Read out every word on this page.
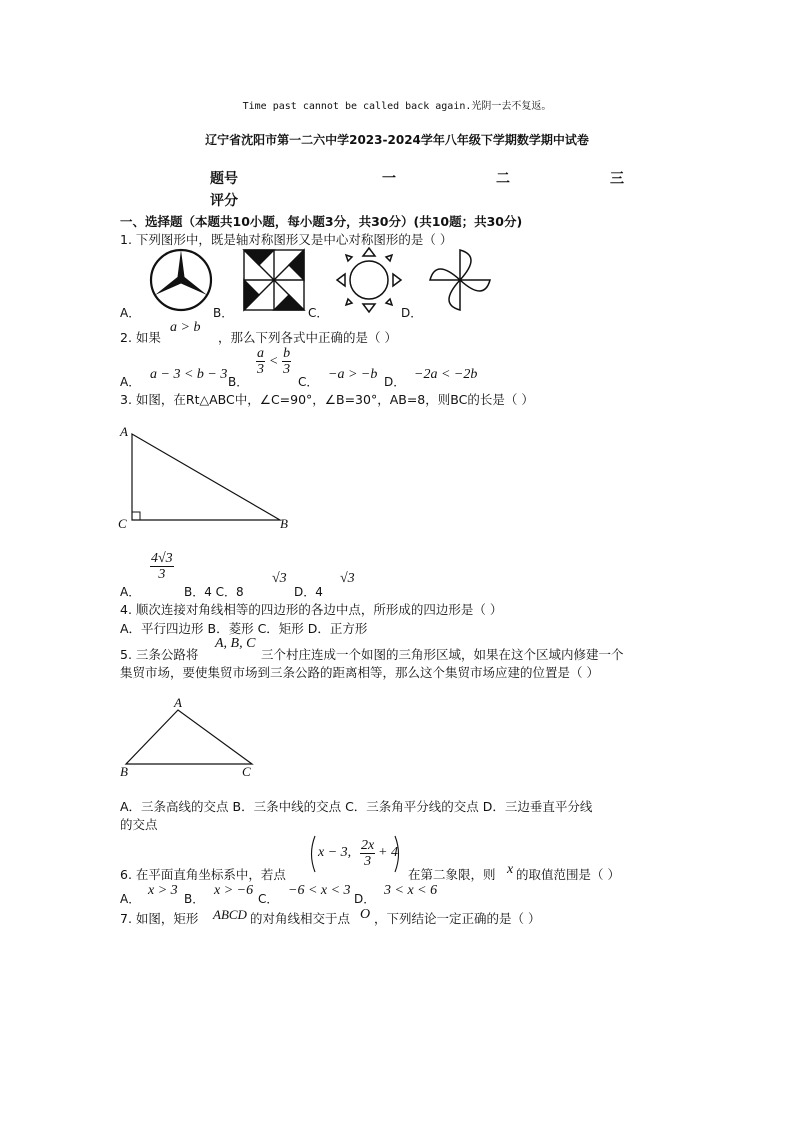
Time past cannot be called back again.光阴一去不复返。
辽宁省沈阳市第一二六中学2023-2024学年八年级下学期数学期中试卷
题号	一	二	三
评分
一、选择题（本题共10小题，每小题3分，共30分）(共10题；共30分)
1. 下列图形中，既是轴对称图形又是中心对称图形的是（ ）
A．	B．	C．	D．
2. 如果
a > b
，那么下列各式中正确的是（ ）
A． a − 3 < b − 3 B．
$\frac{a}{3} < \frac{b}{3}$
C． −a > −b D． −2a < −2b
3. 如图，在Rt△ABC中，∠C=90°，∠B=30°，AB=8，则BC的长是（ ）
A
C	B
A．
$\frac{4√3}{3}$
B．4 C．8
√3
D．4
√3
4. 顺次连接对角线相等的四边形的各边中点，所形成的四边形是（ ）
A．平行四边形 B．菱形 C．矩形 D．正方形
5. 三条公路将
A, B, C
三个村庄连成一个如图的三角形区域，如果在这个区域内修建一个
集贸市场，要使集贸市场到三条公路的距离相等，那么这个集贸市场应建的位置是（ ）
A
B	C
A．三条高线的交点 B．三条中线的交点 C．三条角平分线的交点 D．三边垂直平分线
的交点
x − 3, $\frac{2x}{3} + 4$
6. 在平面直角坐标系中，若点	在第二象限，则 x 的取值范围是（ ）
A．
x > 3
B．
x > −6
C．
−6 < x < 3
D．
3 < x < 6
7. 如图，矩形 ABCD 的对角线相交于点 O ，下列结论一定正确的是（ ）
